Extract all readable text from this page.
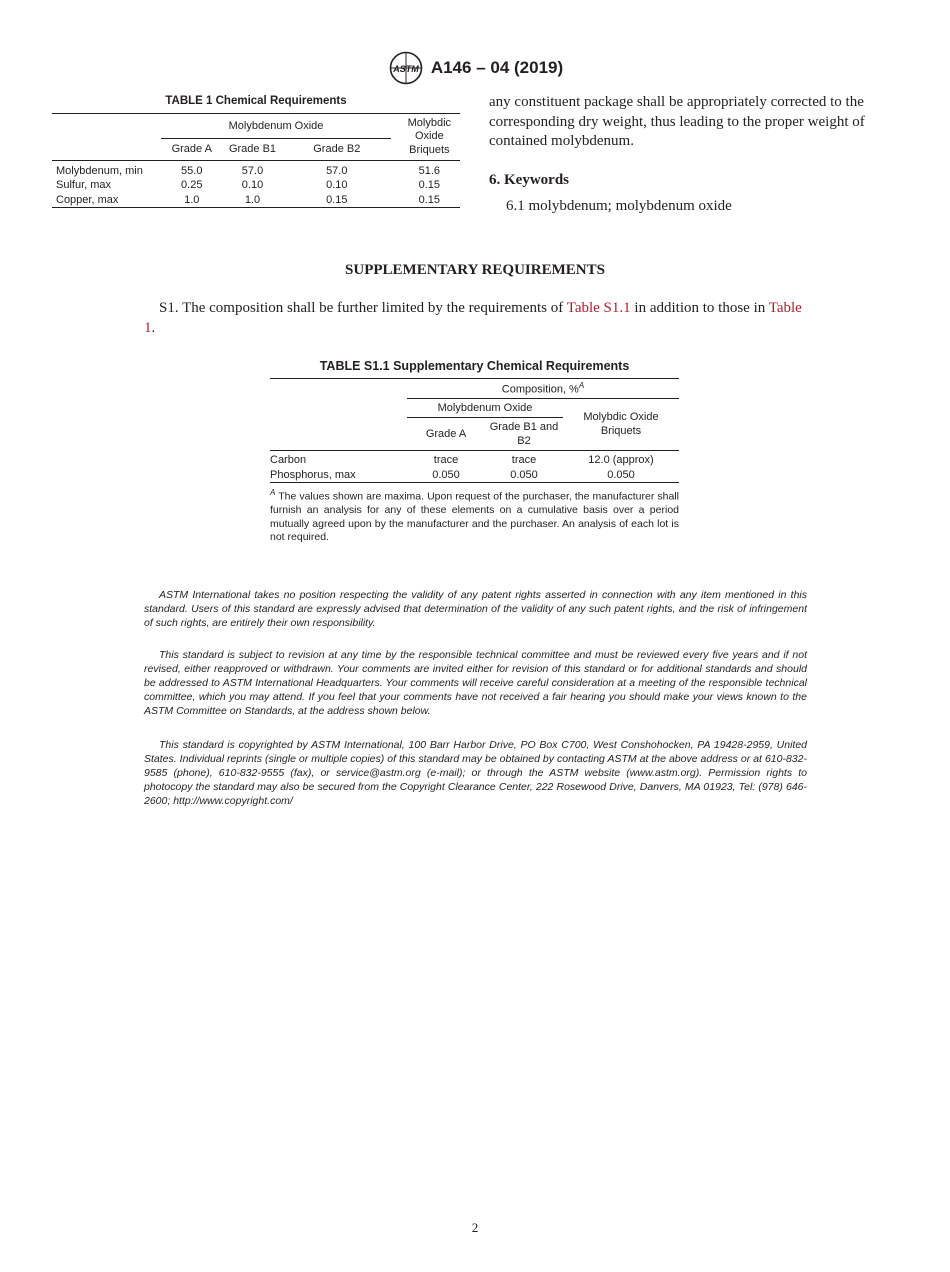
ASTM A146 – 04 (2019)
TABLE 1 Chemical Requirements
	Molybdenum Oxide			Molybdic
Oxide
Briquets

	Grade A	Grade B1	Grade B2	

Molybdenum, min	55.0	57.0	57.0	51.6
Sulfur, max	0.25	0.10	0.10	0.15
Copper, max	1.0	1.0	0.15	0.15

any constituent package shall be appropriately corrected to the corresponding dry weight, thus leading to the proper weight of contained molybdenum.

6. Keywords
6.1 molybdenum; molybdenum oxide
SUPPLEMENTARY REQUIREMENTS
S1. The composition shall be further limited by the requirements of Table S1.1 in addition to those in Table 1.
TABLE S1.1 Supplementary Chemical Requirements
	Composition, %$^A$
	Molybdenum Oxide		Molybdic Oxide
Briquets

	Grade A	Grade B1 and
B2	

Carbon	trace	trace	12.0 (approx)
Phosphorus, max	0.050	0.050	0.050
$^A$ The values shown are maxima. Upon request of the purchaser, the manufacturer shall furnish an analysis for any of these elements on a cumulative basis over a period mutually agreed upon by the manufacturer and the purchaser. An analysis of each lot is not required.

ASTM International takes no position respecting the validity of any patent rights asserted in connection with any item mentioned in this standard. Users of this standard are expressly advised that determination of the validity of any such patent rights, and the risk of infringement of such rights, are entirely their own responsibility.

This standard is subject to revision at any time by the responsible technical committee and must be reviewed every five years and if not revised, either reapproved or withdrawn. Your comments are invited either for revision of this standard or for additional standards and should be addressed to ASTM International Headquarters. Your comments will receive careful consideration at a meeting of the responsible technical committee, which you may attend. If you feel that your comments have not received a fair hearing you should make your views known to the ASTM Committee on Standards, at the address shown below.

This standard is copyrighted by ASTM International, 100 Barr Harbor Drive, PO Box C700, West Conshohocken, PA 19428-2959, United States. Individual reprints (single or multiple copies) of this standard may be obtained by contacting ASTM at the above address or at 610-832-9585 (phone), 610-832-9555 (fax), or service@astm.org (e-mail); or through the ASTM website (www.astm.org). Permission rights to photocopy the standard may also be secured from the Copyright Clearance Center, 222 Rosewood Drive, Danvers, MA 01923, Tel: (978) 646-2600; http://www.copyright.com/

2
